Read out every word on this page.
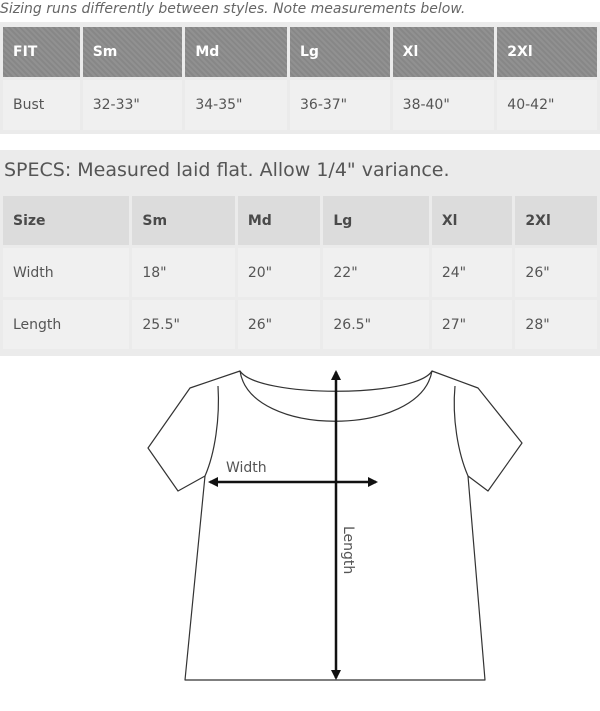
Sizing runs differently between styles. Note measurements below.
FIT	Sm	Md	Lg	Xl	2Xl
Bust	32-33"	34-35"	36-37"	38-40"	40-42"
SPECS: Measured laid flat. Allow 1/4" variance.
Size	Sm	Md	Lg	Xl	2Xl
Width	18"	20"	22"	24"	26"
Length	25.5"	26"	26.5"	27"	28"
Width
Length
